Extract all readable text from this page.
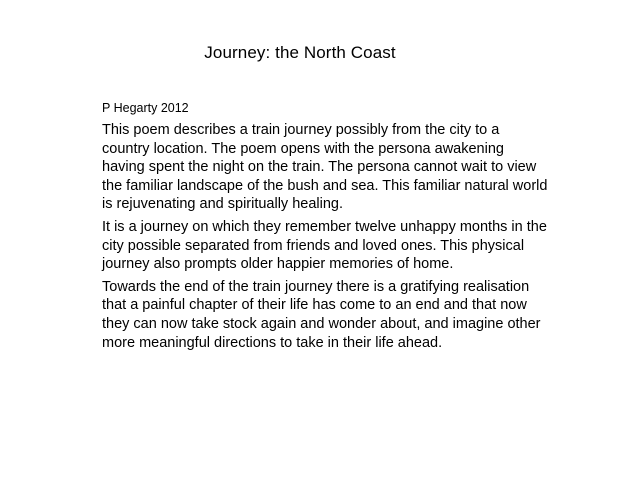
Journey: the North Coast
P Hegarty 2012

This poem describes a train journey possibly from the city to a country location. The poem opens with the persona awakening having spent the night on the train. The persona cannot wait to view the familiar landscape of the bush and sea. This familiar natural world is rejuvenating and spiritually healing.

It is a journey on which they remember twelve unhappy months in the city possible separated from friends and loved ones. This physical journey also prompts older happier memories of home.

Towards the end of the train journey there is a gratifying realisation that a painful chapter of their life has come to an end and that now they can now take stock again and wonder about, and imagine other more meaningful directions to take in their life ahead.
